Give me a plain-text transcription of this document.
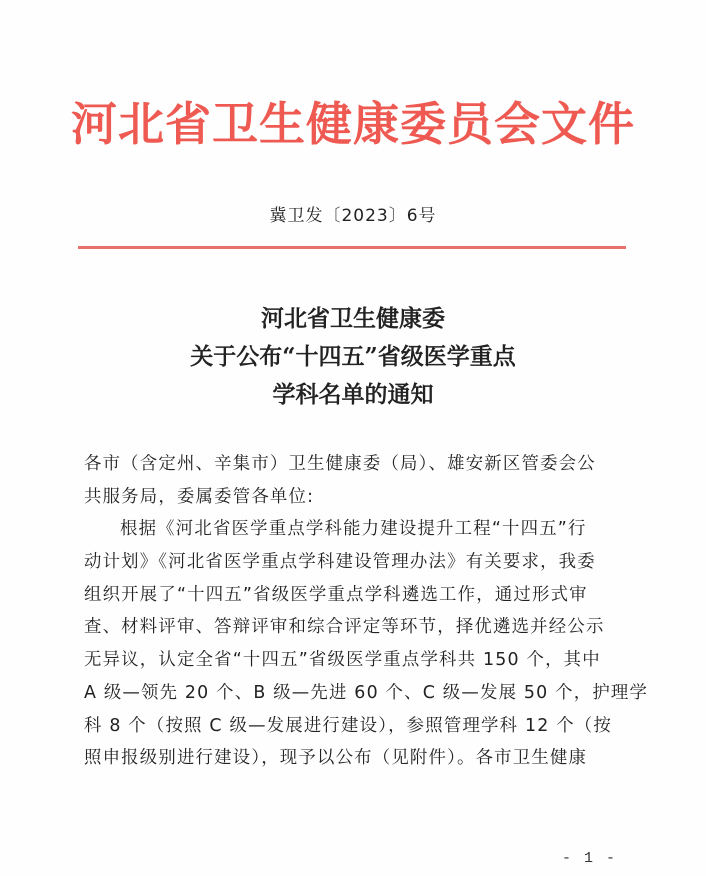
河北省卫生健康委员会文件
冀卫发〔2023〕6号
河北省卫生健康委
关于公布“十四五”省级医学重点
学科名单的通知
各市（含定州、辛集市）卫生健康委（局）、雄安新区管委会公
共服务局，委属委管各单位:
根据《河北省医学重点学科能力建设提升工程“十四五”行
动计划》《河北省医学重点学科建设管理办法》有关要求，我委
组织开展了“十四五”省级医学重点学科遴选工作，通过形式审
查、材料评审、答辩评审和综合评定等环节，择优遴选并经公示
无异议，认定全省“十四五”省级医学重点学科共 150 个，其中
A 级—领先 20 个、B 级—先进 60 个、C 级—发展 50 个，护理学
科 8 个（按照 C 级—发展进行建设），参照管理学科 12 个（按
照申报级别进行建设），现予以公布（见附件）。各市卫生健康
- 1 -
